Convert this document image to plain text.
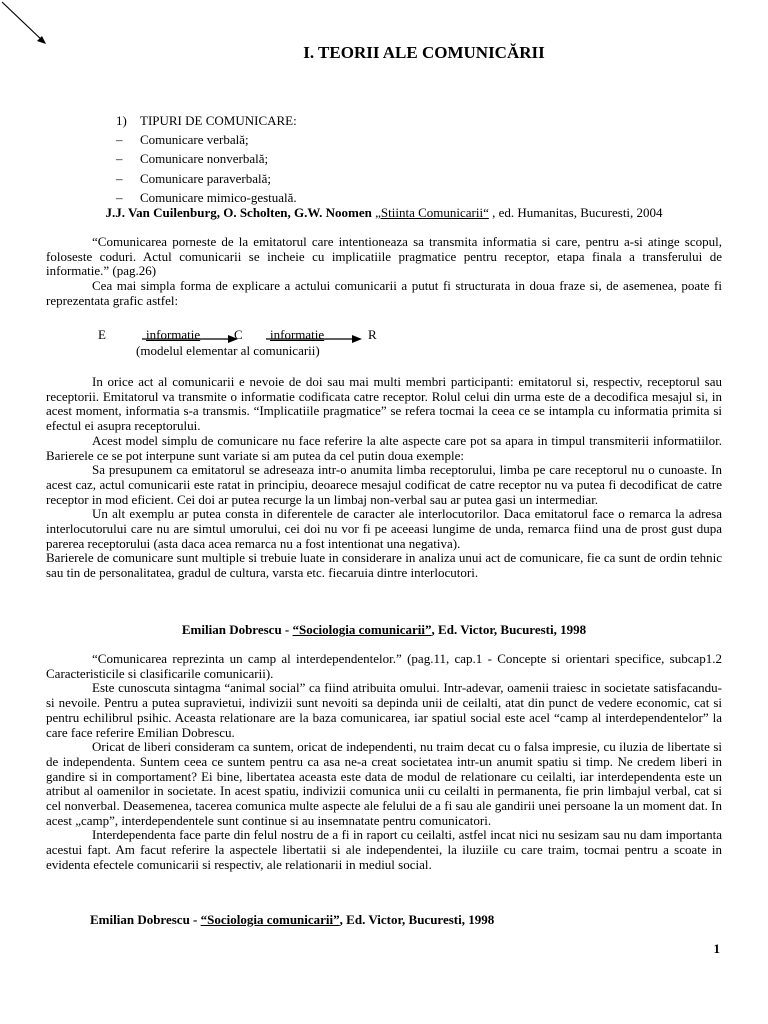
I. TEORII ALE COMUNICĂRII
1) TIPURI DE COMUNICARE:
– Comunicare verbală;
– Comunicare nonverbală;
– Comunicare paraverbală;
– Comunicare mimico-gestuală.
J.J. Van Cuilenburg, O. Scholten, G.W. Noomen „Stiinta Comunicarii“ , ed. Humanitas, Bucuresti, 2004

“Comunicarea porneste de la emitatorul care intentioneaza sa transmita informatia si care, pentru a-si atinge scopul, foloseste coduri. Actul comunicarii se incheie cu implicatiile pragmatice pentru receptor, etapa finala a transferului de informatie.” (pag.26)

Cea mai simpla forma de explicare a actului comunicarii a putut fi structurata in doua fraze si, de asemenea, poate fi reprezentata grafic astfel:

E	informatie	C informatie	R
(modelul elementar al comunicarii)

In orice act al comunicarii e nevoie de doi sau mai multi membri participanti: emitatorul si, respectiv, receptorul sau receptorii. Emitatorul va transmite o informatie codificata catre receptor. Rolul celui din urma este de a decodifica mesajul si, in acest moment, informatia s-a transmis. “Implicatiile pragmatice” se refera tocmai la ceea ce se intampla cu informatia primita si efectul ei asupra receptorului.

Acest model simplu de comunicare nu face referire la alte aspecte care pot sa apara in timpul transmiterii informatiilor. Barierele ce se pot interpune sunt variate si am putea da cel putin doua exemple:

Sa presupunem ca emitatorul se adreseaza intr-o anumita limba receptorului, limba pe care receptorul nu o cunoaste. In acest caz, actul comunicarii este ratat in principiu, deoarece mesajul codificat de catre receptor nu va putea fi decodificat de catre receptor in mod eficient. Cei doi ar putea recurge la un limbaj non-verbal sau ar putea gasi un intermediar.

Un alt exemplu ar putea consta in diferentele de caracter ale interlocutorilor. Daca emitatorul face o remarca la adresa interlocutorului care nu are simtul umorului, cei doi nu vor fi pe aceeasi lungime de unda, remarca fiind una de prost gust dupa parerea receptorului (asta daca acea remarca nu a fost intentionat una negativa).

Barierele de comunicare sunt multiple si trebuie luate in considerare in analiza unui act de comunicare, fie ca sunt de ordin tehnic sau tin de personalitatea, gradul de cultura, varsta etc. fiecaruia dintre interlocutori.

Emilian Dobrescu - “Sociologia comunicarii”, Ed. Victor, Bucuresti, 1998

“Comunicarea reprezinta un camp al interdependentelor.” (pag.11, cap.1 - Concepte si orientari specifice, subcap1.2 Caracteristicile si clasificarile comunicarii).

Este cunoscuta sintagma “animal social” ca fiind atribuita omului. Intr-adevar, oamenii traiesc in societate satisfacandu-si nevoile. Pentru a putea supravietui, indivizii sunt nevoiti sa depinda unii de ceilalti, atat din punct de vedere economic, cat si pentru echilibrul psihic. Aceasta relationare are la baza comunicarea, iar spatiul social este acel “camp al interdependentelor” la care face referire Emilian Dobrescu.

Oricat de liberi consideram ca suntem, oricat de independenti, nu traim decat cu o falsa impresie, cu iluzia de libertate si de independenta. Suntem ceea ce suntem pentru ca asa ne-a creat societatea intr-un anumit spatiu si timp. Ne credem liberi in gandire si in comportament? Ei bine, libertatea aceasta este data de modul de relationare cu ceilalti, iar interdependenta este un atribut al oamenilor in societate. In acest spatiu, indivizii comunica unii cu ceilalti in permanenta, fie prin limbajul verbal, cat si cel nonverbal. Deasemenea, tacerea comunica multe aspecte ale felului de a fi sau ale gandirii unei persoane la un moment dat. In acest „camp”, interdependentele sunt continue si au insemnatate pentru comunicatori.

Interdependenta face parte din felul nostru de a fi in raport cu ceilalti, astfel incat nici nu sesizam sau nu dam importanta acestui fapt. Am facut referire la aspectele libertatii si ale independentei, la iluziile cu care traim, tocmai pentru a scoate in evidenta efectele comunicarii si respectiv, ale relationarii in mediul social.

Emilian Dobrescu - “Sociologia comunicarii”, Ed. Victor, Bucuresti, 1998
1
